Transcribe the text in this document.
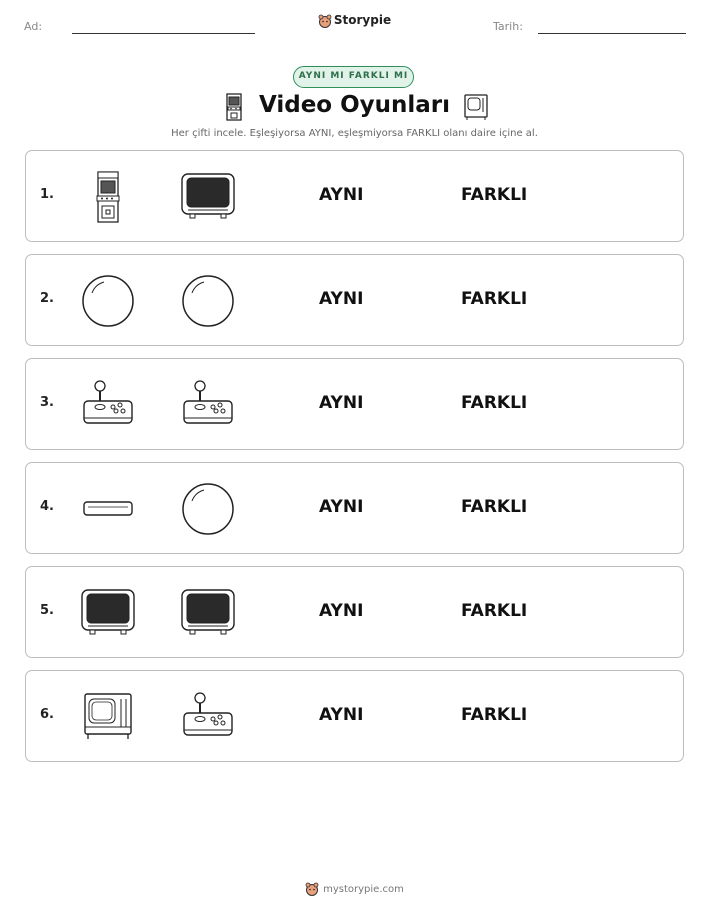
Ad:	Storypie	Tarih:
AYNI MI FARKLI MI
Video Oyunları
Her çifti incele. Eşleşiyorsa AYNI, eşleşmiyorsa FARKLI olanı daire içine al.
1.	AYNI	FARKLI
2.	AYNI	FARKLI
3.	AYNI	FARKLI
4.	AYNI	FARKLI
5.	AYNI	FARKLI
6.	AYNI	FARKLI
mystorypie.com
